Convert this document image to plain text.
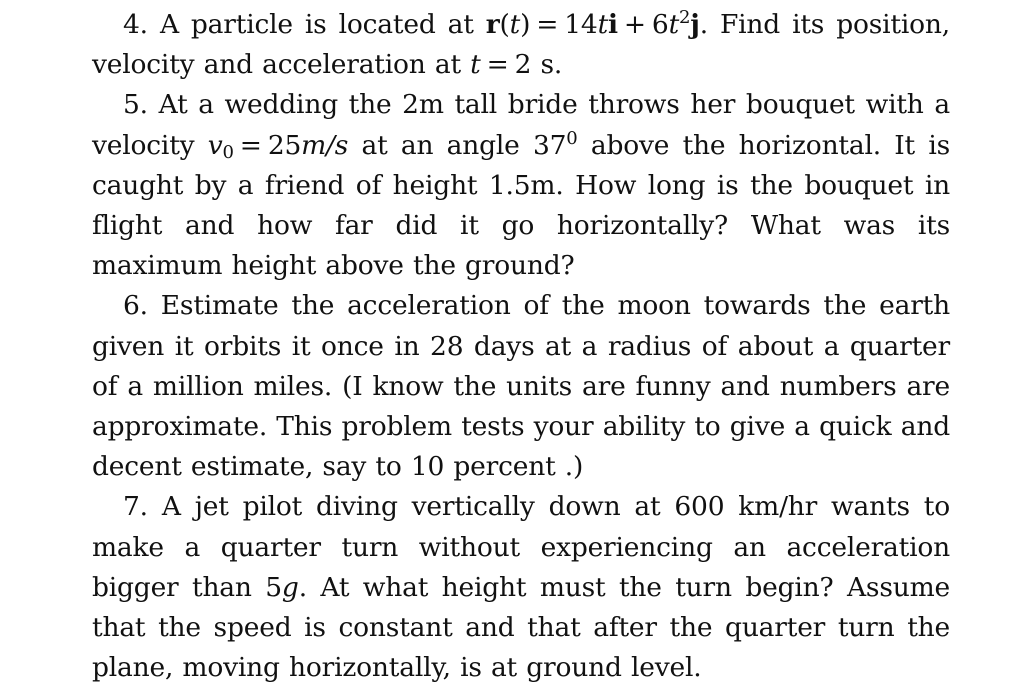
4. A particle is located at $r(t) = 14ti + 6t^2j$. Find its position, velocity and acceleration at t = 2 s.

5. At a wedding the 2m tall bride throws her bouquet with a velocity $v_0 = 25m/s$ at an angle $37^0$ above the horizontal. It is caught by a friend of height 1.5m. How long is the bouquet in flight and how far did it go horizontally? What was its maximum height above the ground?

6. Estimate the acceleration of the moon towards the earth given it orbits it once in 28 days at a radius of about a quarter of a million miles. (I know the units are funny and numbers are approximate. This problem tests your ability to give a quick and decent estimate, say to 10 percent .)

7. A jet pilot diving vertically down at 600 km/hr wants to make a quarter turn without experiencing an acceleration bigger than 5g. At what height must the turn begin? Assume that the speed is constant and that after the quarter turn the plane, moving horizontally, is at ground level.
